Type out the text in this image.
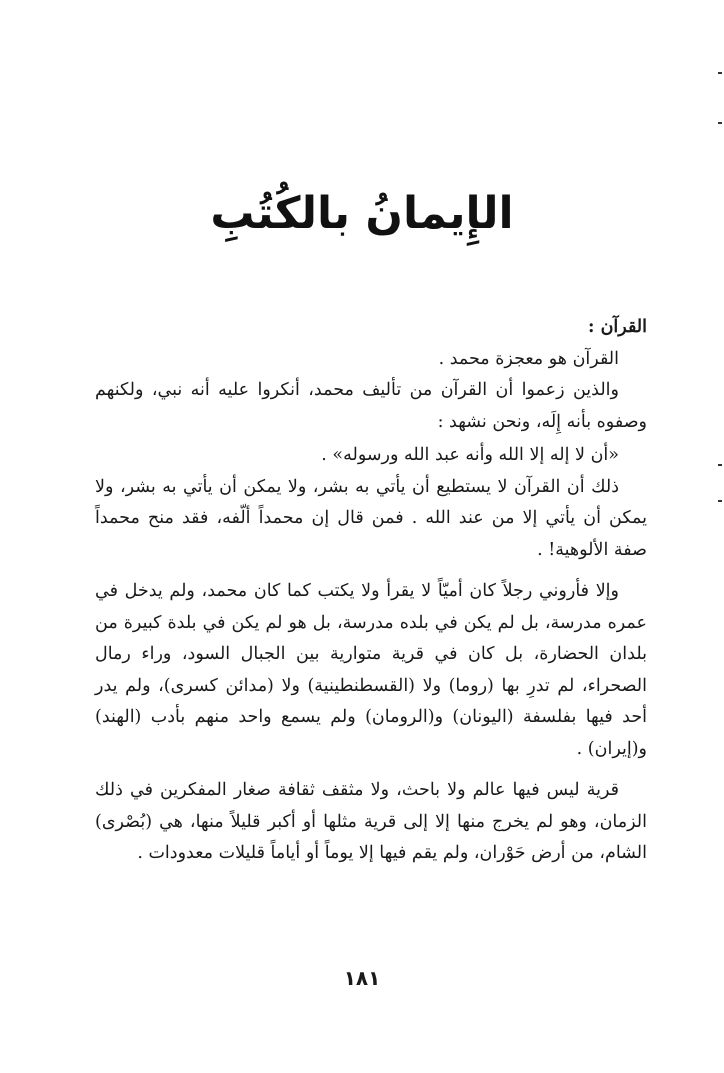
الإِيمانُ بالكُتُبِ

القرآن :

القرآن هو معجزة محمد .

والذين زعموا أن القرآن من تأليف محمد، أنكروا عليه أنه نبي، ولكنهم وصفوه بأنه إِلَه، ونحن نشهد :

«أن لا إله إلا الله وأنه عبد الله ورسوله» .

ذلك أن القرآن لا يستطيع أن يأتي به بشر، ولا يمكن أن يأتي به بشر، ولا يمكن أن يأتي إلا من عند الله . فمن قال إن محمداً ألّفه، فقد منح محمداً صفة الألوهية! .

وإلا فأروني رجلاً كان أميّاً لا يقرأ ولا يكتب كما كان محمد، ولم يدخل في عمره مدرسة، بل لم يكن في بلده مدرسة، بل هو لم يكن في بلدة كبيرة من بلدان الحضارة، بل كان في قرية متوارية بين الجبال السود، وراء رمال الصحراء، لم تدرِ بها (روما) ولا (القسطنطينية) ولا (مدائن كسرى)، ولم يدر أحد فيها بفلسفة (اليونان) و(الرومان) ولم يسمع واحد منهم بأدب (الهند) و(إيران) .

قرية ليس فيها عالم ولا باحث، ولا مثقف ثقافة صغار المفكرين في ذلك الزمان، وهو لم يخرج منها إلا إلى قرية مثلها أو أكبر قليلاً منها، هي (بُصْرى) الشام، من أرض حَوْران، ولم يقم فيها إلا يوماً أو أياماً قليلات معدودات .

١٨١
